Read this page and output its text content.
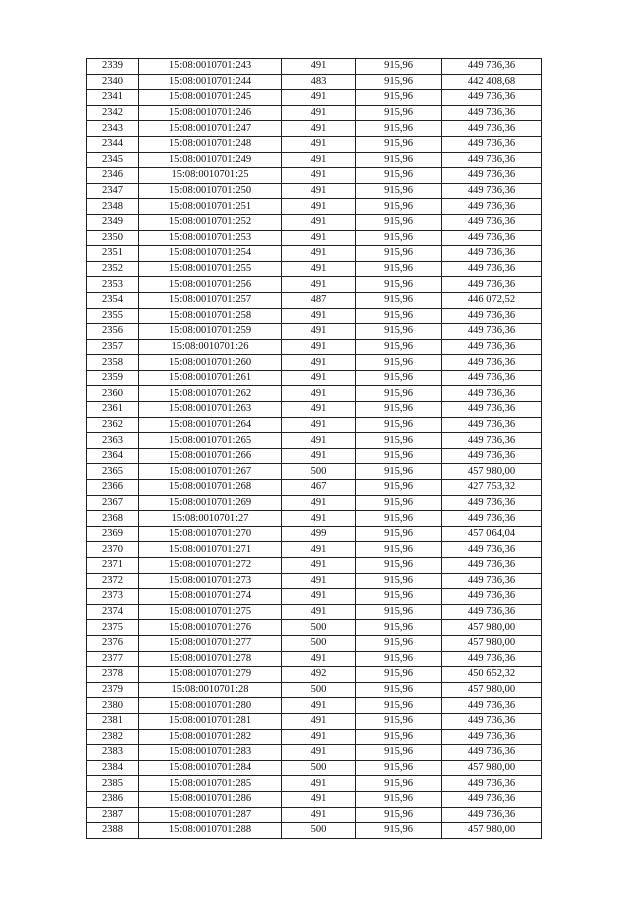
2339	15:08:0010701:243	491	915,96	449 736,36
2340	15:08:0010701:244	483	915,96	442 408,68
2341	15:08:0010701:245	491	915,96	449 736,36
2342	15:08:0010701:246	491	915,96	449 736,36
2343	15:08:0010701:247	491	915,96	449 736,36
2344	15:08:0010701:248	491	915,96	449 736,36
2345	15:08:0010701:249	491	915,96	449 736,36
2346	15:08:0010701:25	491	915,96	449 736,36
2347	15:08:0010701:250	491	915,96	449 736,36
2348	15:08:0010701:251	491	915,96	449 736,36
2349	15:08:0010701:252	491	915,96	449 736,36
2350	15:08:0010701:253	491	915,96	449 736,36
2351	15:08:0010701:254	491	915,96	449 736,36
2352	15:08:0010701:255	491	915,96	449 736,36
2353	15:08:0010701:256	491	915,96	449 736,36
2354	15:08:0010701:257	487	915,96	446 072,52
2355	15:08:0010701:258	491	915,96	449 736,36
2356	15:08:0010701:259	491	915,96	449 736,36
2357	15:08:0010701:26	491	915,96	449 736,36
2358	15:08:0010701:260	491	915,96	449 736,36
2359	15:08:0010701:261	491	915,96	449 736,36
2360	15:08:0010701:262	491	915,96	449 736,36
2361	15:08:0010701:263	491	915,96	449 736,36
2362	15:08:0010701:264	491	915,96	449 736,36
2363	15:08:0010701:265	491	915,96	449 736,36
2364	15:08:0010701:266	491	915,96	449 736,36
2365	15:08:0010701:267	500	915,96	457 980,00
2366	15:08:0010701:268	467	915,96	427 753,32
2367	15:08:0010701:269	491	915,96	449 736,36
2368	15:08:0010701:27	491	915,96	449 736,36
2369	15:08:0010701:270	499	915,96	457 064,04
2370	15:08:0010701:271	491	915,96	449 736,36
2371	15:08:0010701:272	491	915,96	449 736,36
2372	15:08:0010701:273	491	915,96	449 736,36
2373	15:08:0010701:274	491	915,96	449 736,36
2374	15:08:0010701:275	491	915,96	449 736,36
2375	15:08:0010701:276	500	915,96	457 980,00
2376	15:08:0010701:277	500	915,96	457 980,00
2377	15:08:0010701:278	491	915,96	449 736,36
2378	15:08:0010701:279	492	915,96	450 652,32
2379	15:08:0010701:28	500	915,96	457 980,00
2380	15:08:0010701:280	491	915,96	449 736,36
2381	15:08:0010701:281	491	915,96	449 736,36
2382	15:08:0010701:282	491	915,96	449 736,36
2383	15:08:0010701:283	491	915,96	449 736,36
2384	15:08:0010701:284	500	915,96	457 980,00
2385	15:08:0010701:285	491	915,96	449 736,36
2386	15:08:0010701:286	491	915,96	449 736,36
2387	15:08:0010701:287	491	915,96	449 736,36
2388	15:08:0010701:288	500	915,96	457 980,00
